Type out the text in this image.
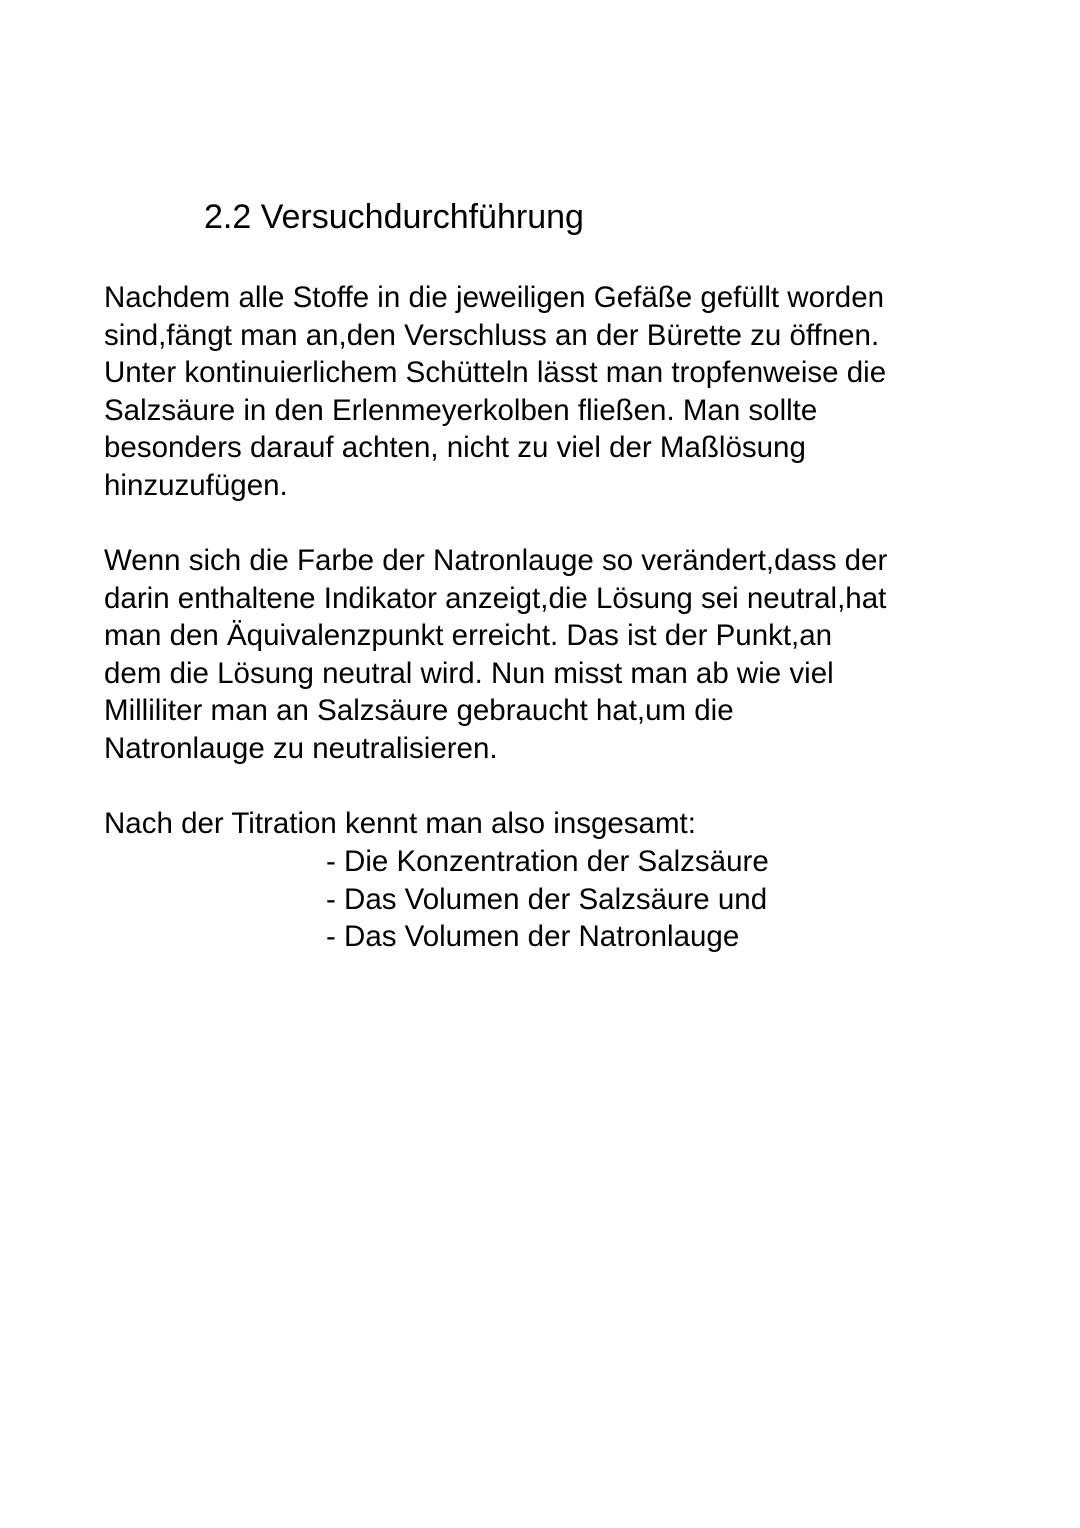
2.2 Versuchdurchführung

Nachdem alle Stoffe in die jeweiligen Gefäße gefüllt worden
sind,fängt man an,den Verschluss an der Bürette zu öffnen.
Unter kontinuierlichem Schütteln lässt man tropfenweise die
Salzsäure in den Erlenmeyerkolben fließen. Man sollte
besonders darauf achten, nicht zu viel der Maßlösung
hinzuzufügen.

Wenn sich die Farbe der Natronlauge so verändert,dass der
darin enthaltene Indikator anzeigt,die Lösung sei neutral,hat
man den Äquivalenzpunkt erreicht. Das ist der Punkt,an
dem die Lösung neutral wird. Nun misst man ab wie viel
Milliliter man an Salzsäure gebraucht hat,um die
Natronlauge zu neutralisieren.

Nach der Titration kennt man also insgesamt:

- Die Konzentration der Salzsäure
- Das Volumen der Salzsäure und
- Das Volumen der Natronlauge
